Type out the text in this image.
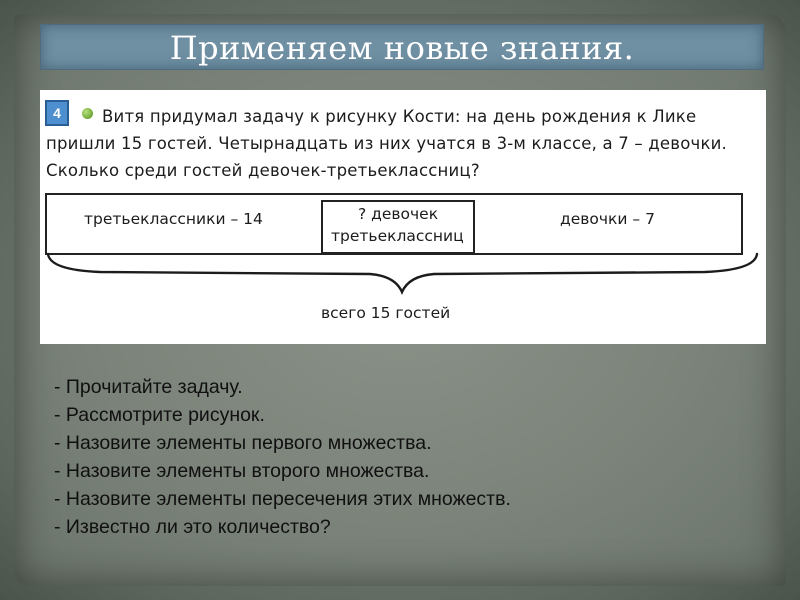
Применяем новые знания.
4	Витя придумал задачу к рисунку Кости: на день рождения к Лике
пришли 15 гостей. Четырнадцать из них учатся в 3-м классе, а 7 – девочки.
Сколько среди гостей девочек-третьеклассниц?
третьеклассники – 14	? девочек
третьеклассниц
девочки – 7
всего 15 гостей
- Прочитайте задачу.
- Рассмотрите рисунок.
- Назовите элементы первого множества.
- Назовите элементы второго множества.
- Назовите элементы пересечения этих множеств.
- Известно ли это количество?
